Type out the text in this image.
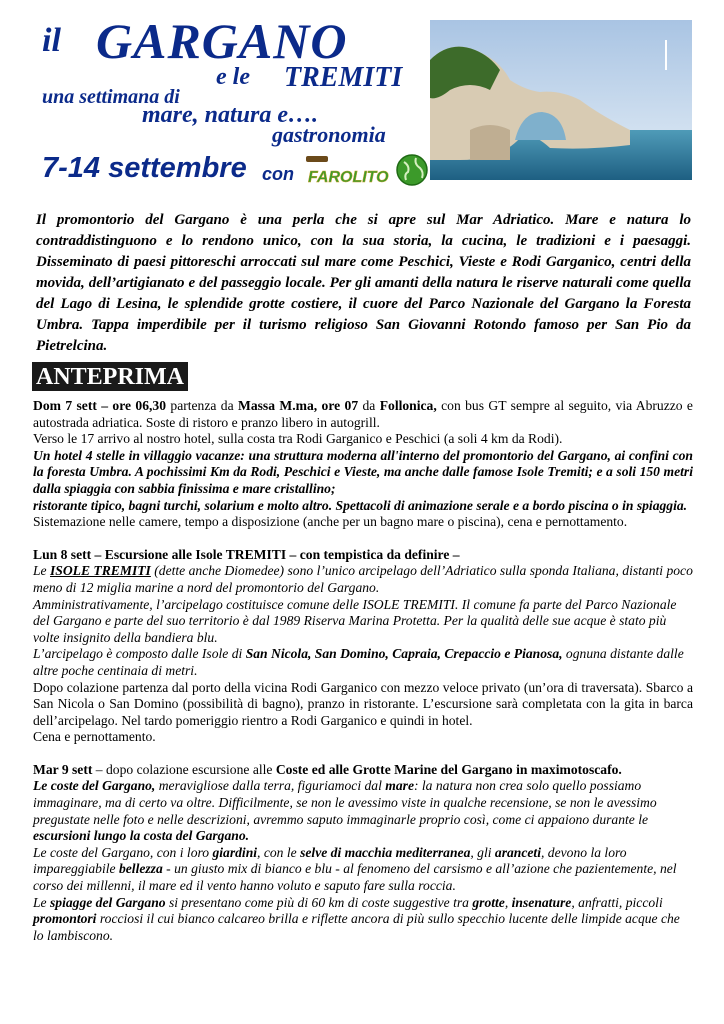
il GARGANO
e le TREMITI
una settimana di
mare, natura e….
gastronomia
7-14 settembre con FAROLITO
Il promontorio del Gargano è una perla che si apre sul Mar Adriatico. Mare e natura lo contraddistinguono e lo rendono unico, con la sua storia, la cucina, le tradizioni e i paesaggi. Disseminato di paesi pittoreschi arroccati sul mare come Peschici, Vieste e Rodi Garganico, centri della movida, dell’artigianato e del passeggio locale. Per gli amanti della natura le riserve naturali come quella del Lago di Lesina, le splendide grotte costiere, il cuore del Parco Nazionale del Gargano la Foresta Umbra. Tappa imperdibile per il turismo religioso San Giovanni Rotondo famoso per San Pio da Pietrelcina.
ANTEPRIMA

Dom 7 sett – ore 06,30 partenza da Massa M.ma, ore 07 da Follonica, con bus GT sempre al seguito, via Abruzzo e autostrada adriatica. Soste di ristoro e pranzo libero in autogrill.

Verso le 17 arrivo al nostro hotel, sulla costa tra Rodi Garganico e Peschici (a soli 4 km da Rodi).

Un hotel 4 stelle in villaggio vacanze: una struttura moderna all'interno del promontorio del Gargano, ai confini con la foresta Umbra. A pochissimi Km da Rodi, Peschici e Vieste, ma anche dalle famose Isole Tremiti; e a soli 150 metri dalla spiaggia con sabbia finissima e mare cristallino;

ristorante tipico, bagni turchi, solarium e molto altro. Spettacoli di animazione serale e a bordo piscina o in spiaggia.

Sistemazione nelle camere, tempo a disposizione (anche per un bagno mare o piscina), cena e pernottamento.

Lun 8 sett – Escursione alle Isole TREMITI – con tempistica da definire –

Le ISOLE TREMITI (dette anche Diomedee) sono l’unico arcipelago dell’Adriatico sulla sponda Italiana, distanti poco meno di 12 miglia marine a nord del promontorio del Gargano.

Amministrativamente, l’arcipelago costituisce comune delle ISOLE TREMITI. Il comune fa parte del Parco Nazionale del Gargano e parte del suo territorio è dal 1989 Riserva Marina Protetta. Per la qualità delle sue acque è stato più volte insignito della bandiera blu.

L’arcipelago è composto dalle Isole di San Nicola, San Domino, Capraia, Crepaccio e Pianosa, ognuna distante dalle altre poche centinaia di metri.

Dopo colazione partenza dal porto della vicina Rodi Garganico con mezzo veloce privato (un’ora di traversata). Sbarco a San Nicola o San Domino (possibilità di bagno), pranzo in ristorante. L’escursione sarà completata con la gita in barca dell’arcipelago. Nel tardo pomeriggio rientro a Rodi Garganico e quindi in hotel.

Cena e pernottamento.

Mar 9 sett – dopo colazione escursione alle Coste ed alle Grotte Marine del Gargano in maximotoscafo.

Le coste del Gargano, meravigliose dalla terra, figuriamoci dal mare: la natura non crea solo quello possiamo immaginare, ma di certo va oltre. Difficilmente, se non le avessimo viste in qualche recensione, se non le avessimo pregustate nelle foto e nelle descrizioni, avremmo saputo immaginarle proprio così, come ci appaiono durante le escursioni lungo la costa del Gargano.

Le coste del Gargano, con i loro giardini, con le selve di macchia mediterranea, gli aranceti, devono la loro impareggiabile bellezza - un giusto mix di bianco e blu - al fenomeno del carsismo e all’azione che pazientemente, nel corso dei millenni, il mare ed il vento hanno voluto e saputo fare sulla roccia.

Le spiagge del Gargano si presentano come più di 60 km di coste suggestive tra grotte, insenature, anfratti, piccoli promontori rocciosi il cui bianco calcareo brilla e riflette ancora di più sullo specchio lucente delle limpide acque che lo lambiscono.
